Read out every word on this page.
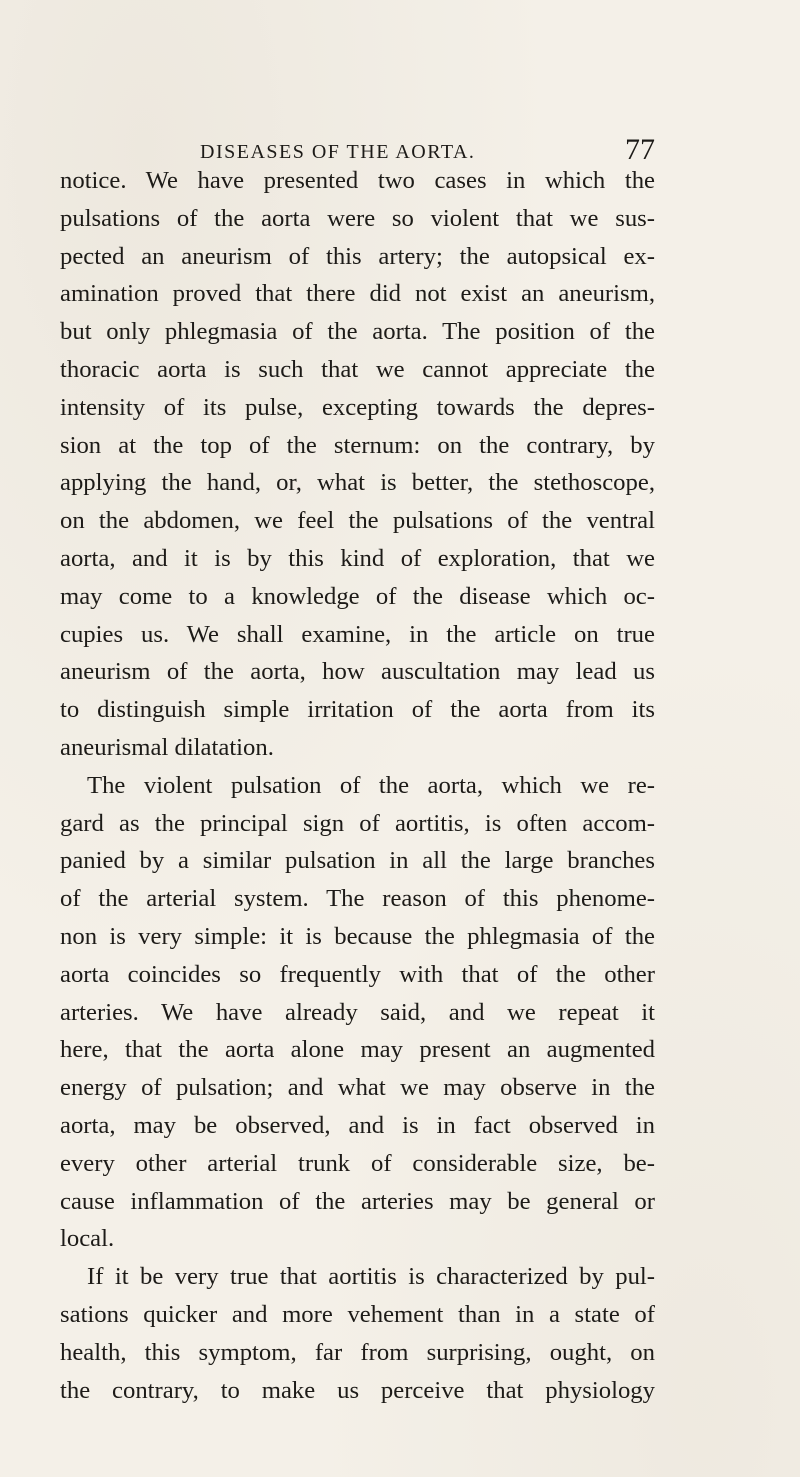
DISEASES OF THE AORTA.	77
notice. We have presented two cases in which the
pulsations of the aorta were so violent that we sus-
pected an aneurism of this artery; the autopsical ex-
amination proved that there did not exist an aneurism,
but only phlegmasia of the aorta. The position of the
thoracic aorta is such that we cannot appreciate the
intensity of its pulse, excepting towards the depres-
sion at the top of the sternum: on the contrary, by
applying the hand, or, what is better, the stethoscope,
on the abdomen, we feel the pulsations of the ventral
aorta, and it is by this kind of exploration, that we
may come to a knowledge of the disease which oc-
cupies us. We shall examine, in the article on true
aneurism of the aorta, how auscultation may lead us
to distinguish simple irritation of the aorta from its
aneurismal dilatation.
The violent pulsation of the aorta, which we re-
gard as the principal sign of aortitis, is often accom-
panied by a similar pulsation in all the large branches
of the arterial system. The reason of this phenome-
non is very simple: it is because the phlegmasia of the
aorta coincides so frequently with that of the other
arteries. We have already said, and we repeat it
here, that the aorta alone may present an augmented
energy of pulsation; and what we may observe in the
aorta, may be observed, and is in fact observed in
every other arterial trunk of considerable size, be-
cause inflammation of the arteries may be general or
local.
If it be very true that aortitis is characterized by pul-
sations quicker and more vehement than in a state of
health, this symptom, far from surprising, ought, on
the contrary, to make us perceive that physiology
